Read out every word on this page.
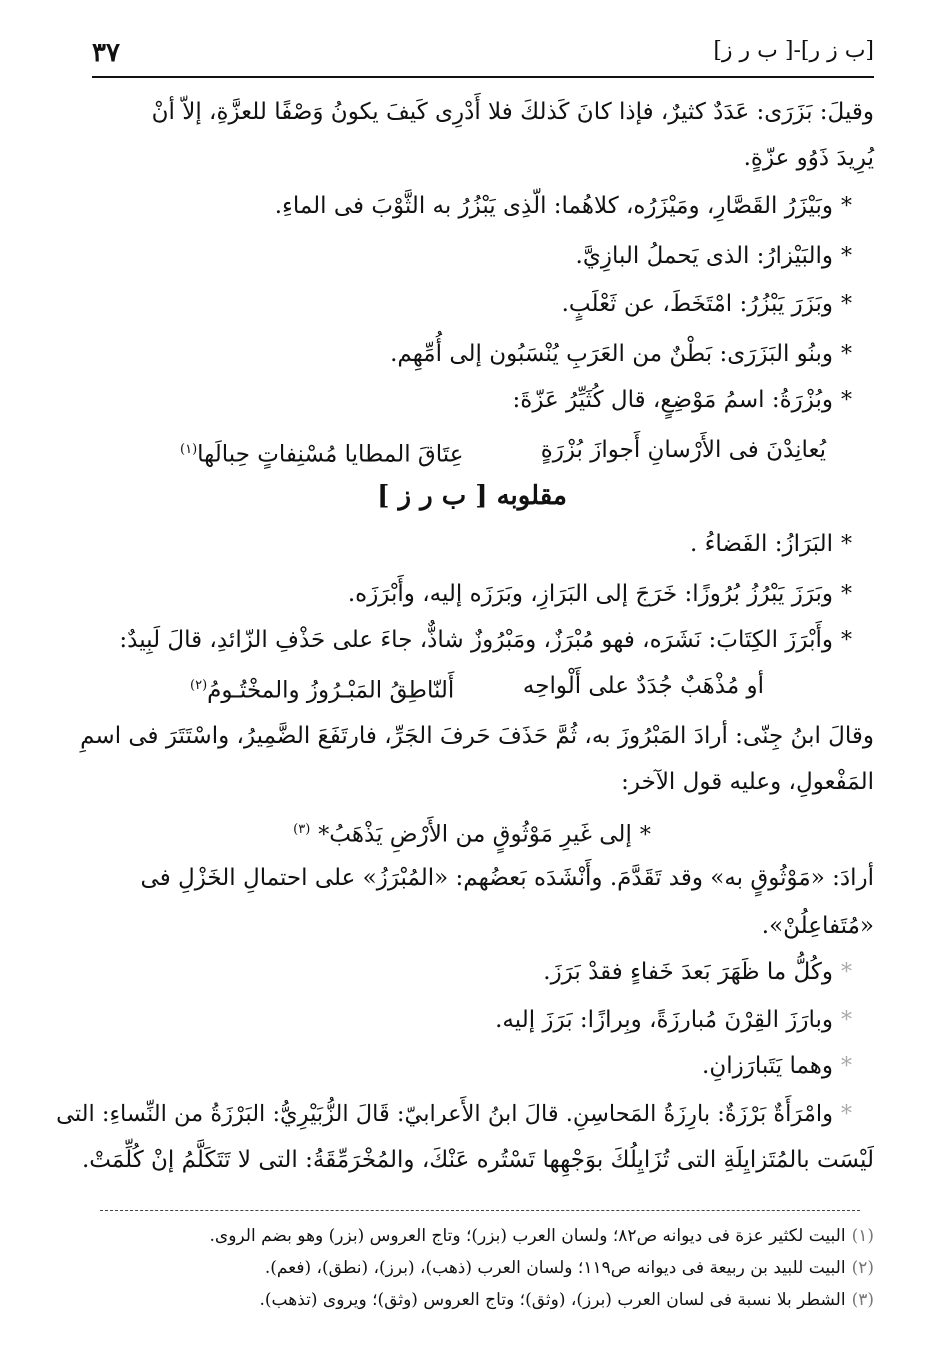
[ب ز ر]-[ ب ر ز]
٣٧
وقيلَ: بَزَرَى: عَدَدٌ كثيرٌ، فإذا كانَ كَذلكَ فلا أَدْرِى كَيفَ يكونُ وَصْفًا للعزَّةِ، إلاّ أنْ
يُرِيدَ ذَوُو عزّةٍ.
*وبَيْزَرُ القَصَّارِ، ومَيْزَرُه، كلاهُما: الّذِى يَبْزُرُ به الثَّوْبَ فى الماءِ.
*والبَيْزارُ: الذى يَحملُ البازِيَّ.
*وبَزَرَ يَبْزُرُ: امْتَخَطَ، عن ثَعْلَبٍ.
*وبنُو البَزَرَى: بَطْنٌ من العَرَبِ يُنْسَبُون إلى أُمِّهِم.
*وبُزْرَةُ: اسمُ مَوْضِعٍ، قال كُثَيِّرُ عَزّةَ:
يُعانِدْنَ فى الأَرْسانِ أَجوازَ بُزْرَةٍ
عِتَاقَ المطايا مُسْنِفاتٍ حِبالَها$^{(١)}$
مقلوبه [ ب ر ز ]
*البَرَازُ: الفَضاءُ .
*وبَرَزَ يَبْرُزُ بُرُوزًا: خَرَجَ إلى البَرَازِ، وبَرَزَه إليه، وأَبْرَزَه.
*وأَبْرَزَ الكِتَابَ: نَشَرَه، فهو مُبْرَزٌ، ومَبْرُوزٌ شاذٌّ، جاءَ على حَذْفِ الزّائدِ، قالَ لَبِيدٌ:
أو مُذْهَبٌ جُدَدٌ على أَلْواحِه
أَلنّاطِقُ المَبْـرُوزُ والمخْتُـومُ$^{(٢)}$
وقالَ ابنُ جِنّى: أرادَ المَبْرُوزَ به، ثُمَّ حَذَفَ حَرفَ الجَرِّ، فارتَفَعَ الضَّمِيرُ، واسْتَتَرَ فى اسمِ
المَفْعولِ، وعليه قول الآخر:
*إلى غَيرِ مَوْثُوقٍ من الأَرْضِ يَذْهَبُ*$^{(٣)}$
أرادَ: «مَوْثُوقٍ به» وقد تَقَدَّمَ. وأَنْشَدَه بَعضُهم: «المُبْرَزُ» على احتمالِ الخَزْلِ فى
«مُتَفاعِلُنْ».
*وكُلُّ ما ظَهَرَ بَعدَ خَفاءٍ فقدْ بَرَزَ.
*وبارَزَ القِرْنَ مُبارزَةً، وبِرازًا: بَرَزَ إليه.
*وهما يَتَبارَزانِ.
*وامْرَأَةٌ بَرْزَةٌ: بارِزَةُ المَحاسِنِ. قالَ ابنُ الأَعرابيّ: قَالَ الزُّبَيْرِيُّ: البَرْزَةُ من النِّساءِ: التى
لَيْسَت بالمُتَزايِلَةِ التى تُزَايِلُكَ بوَجْهِها تَسْتُره عَنْكَ، والمُخْرَمِّقَةُ: التى لا تَتَكَلَّمُ إنْ كُلِّمَتْ.
(١)البيت لكثير عزة فى ديوانه ص٨٢؛ ولسان العرب (بزر)؛ وتاج العروس (بزر) وهو بضم الروى.
(٢)البيت للبيد بن ربيعة فى ديوانه ص١١٩؛ ولسان العرب (ذهب)، (برز)، (نطق)، (فعم).
(٣)الشطر بلا نسبة فى لسان العرب (برز)، (وثق)؛ وتاج العروس (وثق)؛ ويروى (تذهب).
